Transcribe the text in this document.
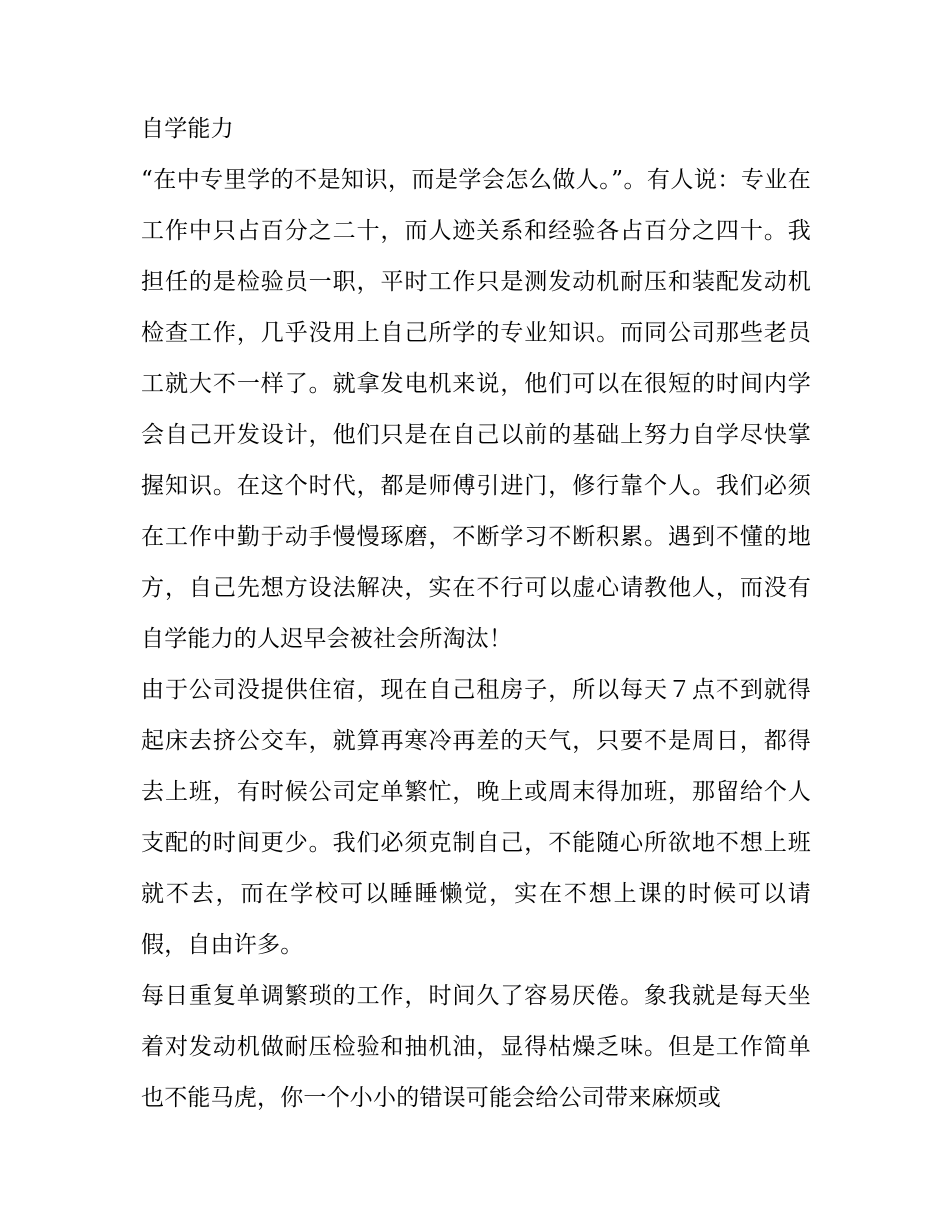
自学能力

“在中专里学的不是知识，而是学会怎么做人。”。有人说：专业在工作中只占百分之二十，而人迹关系和经验各占百分之四十。我担任的是检验员一职，平时工作只是测发动机耐压和装配发动机检查工作，几乎没用上自己所学的专业知识。而同公司那些老员工就大不一样了。就拿发电机来说，他们可以在很短的时间内学会自己开发设计，他们只是在自己以前的基础上努力自学尽快掌握知识。在这个时代，都是师傅引进门，修行靠个人。我们必须在工作中勤于动手慢慢琢磨，不断学习不断积累。遇到不懂的地方，自己先想方设法解决，实在不行可以虚心请教他人，而没有自学能力的人迟早会被社会所淘汰！

由于公司没提供住宿，现在自己租房子，所以每天７点不到就得起床去挤公交车，就算再寒冷再差的天气，只要不是周日，都得去上班，有时候公司定单繁忙，晚上或周末得加班，那留给个人支配的时间更少。我们必须克制自己，不能随心所欲地不想上班就不去，而在学校可以睡睡懒觉，实在不想上课的时候可以请假，自由许多。

每日重复单调繁琐的工作，时间久了容易厌倦。象我就是每天坐着对发动机做耐压检验和抽机油，显得枯燥乏味。但是工作简单也不能马虎，你一个小小的错误可能会给公司带来麻烦或
